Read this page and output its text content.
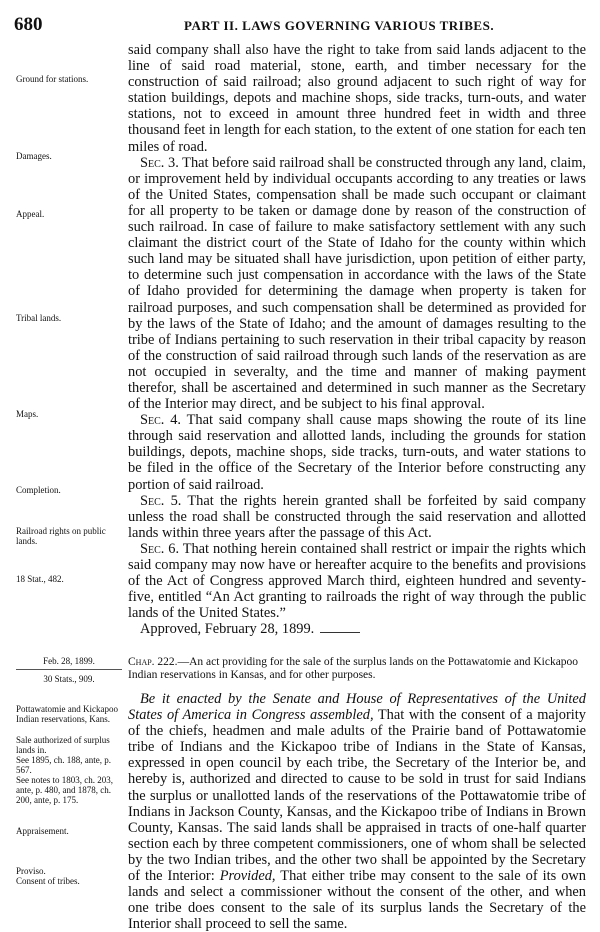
680	PART II. LAWS GOVERNING VARIOUS TRIBES.
Ground for stations.
Damages.
Appeal.
Tribal lands.
Maps.
Completion.
Railroad rights on public lands.
18 Stat., 482.
Pottawatomie and Kickapoo Indian reservations, Kans.
Sale authorized of surplus lands in.
See 1895, ch. 188, ante, p. 567.
See notes to 1803, ch. 203, ante, p. 480, and 1878, ch. 200, ante, p. 175.
Appraisement.
Proviso.
Consent of tribes.

said company shall also have the right to take from said lands adjacent to the line of said road material, stone, earth, and timber necessary for the construction of said railroad; also ground adjacent to such right of way for station buildings, depots and machine shops, side tracks, turn-outs, and water stations, not to exceed in amount three hundred feet in width and three thousand feet in length for each station, to the extent of one station for each ten miles of road.

Sec. 3. That before said railroad shall be constructed through any land, claim, or improvement held by individual occupants according to any treaties or laws of the United States, compensation shall be made such occupant or claimant for all property to be taken or damage done by reason of the construction of such railroad. In case of failure to make satisfactory settlement with any such claimant the district court of the State of Idaho for the county within which such land may be situated shall have jurisdiction, upon petition of either party, to determine such just compensation in accordance with the laws of the State of Idaho provided for determining the damage when property is taken for railroad purposes, and such compensation shall be determined as provided for by the laws of the State of Idaho; and the amount of damages resulting to the tribe of Indians pertaining to such reservation in their tribal capacity by reason of the construction of said railroad through such lands of the reservation as are not occupied in severalty, and the time and manner of making payment therefor, shall be ascertained and determined in such manner as the Secretary of the Interior may direct, and be subject to his final approval.

Sec. 4. That said company shall cause maps showing the route of its line through said reservation and allotted lands, including the grounds for station buildings, depots, machine shops, side tracks, turn-outs, and water stations to be filed in the office of the Secretary of the Interior before constructing any portion of said railroad.

Sec. 5. That the rights herein granted shall be forfeited by said company unless the road shall be constructed through the said reservation and allotted lands within three years after the passage of this Act.

Sec. 6. That nothing herein contained shall restrict or impair the rights which said company may now have or hereafter acquire to the benefits and provisions of the Act of Congress approved March third, eighteen hundred and seventy-five, entitled “An Act granting to railroads the right of way through the public lands of the United States.”

Approved, February 28, 1899.

Feb. 28, 1899.
30 Stats., 909.
Chap. 222.—An act providing for the sale of the surplus lands on the Pottawatomie and Kickapoo Indian reservations in Kansas, and for other purposes.

Be it enacted by the Senate and House of Representatives of the United States of America in Congress assembled, That with the consent of a majority of the chiefs, headmen and male adults of the Prairie band of Pottawatomie tribe of Indians and the Kickapoo tribe of Indians in the State of Kansas, expressed in open council by each tribe, the Secretary of the Interior be, and hereby is, authorized and directed to cause to be sold in trust for said Indians the surplus or unallotted lands of the reservations of the Pottawatomie tribe of Indians in Jackson County, Kansas, and the Kickapoo tribe of Indians in Brown County, Kansas. The said lands shall be appraised in tracts of one-half quarter section each by three competent commissioners, one of whom shall be selected by the two Indian tribes, and the other two shall be appointed by the Secretary of the Interior: Provided, That either tribe may consent to the sale of its own lands and select a commissioner without the consent of the other, and when one tribe does consent to the sale of its surplus lands the Secretary of the Interior shall proceed to sell the same.
